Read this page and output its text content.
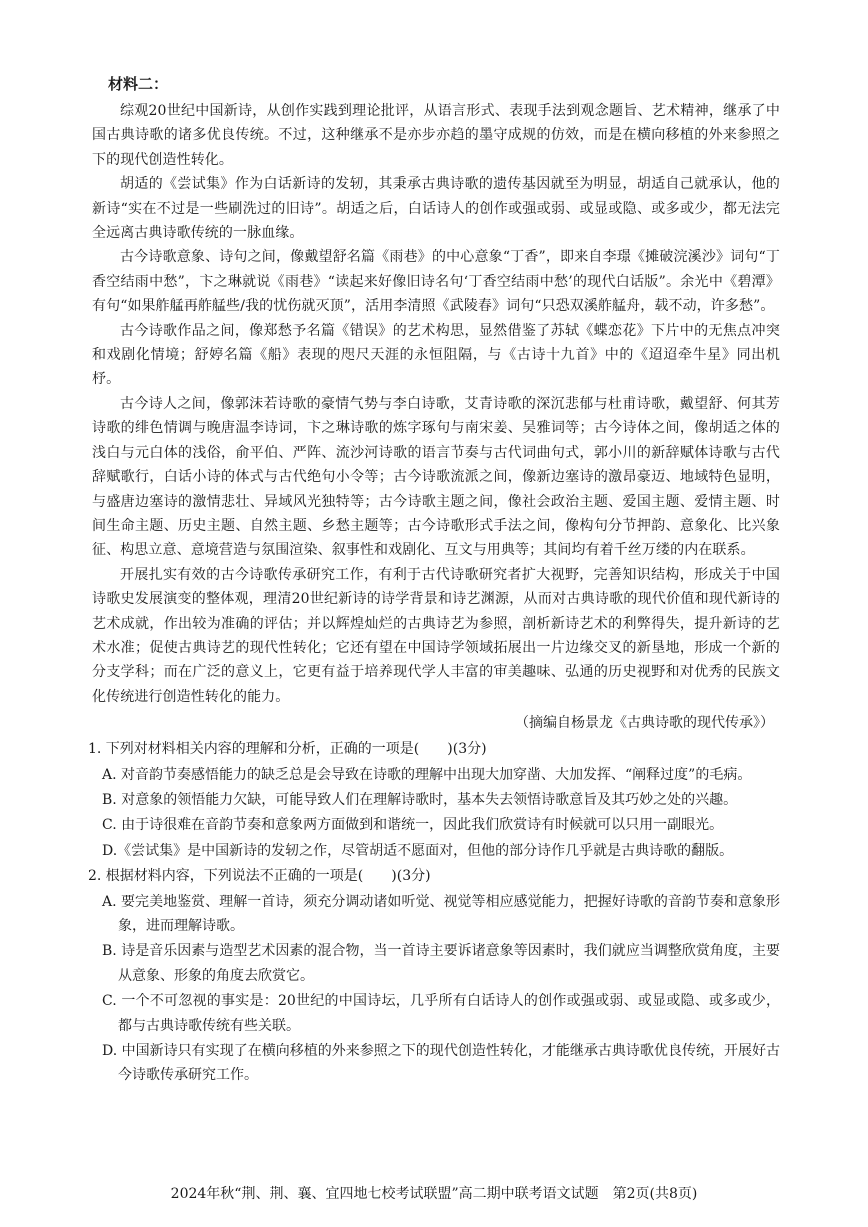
材料二：

综观20世纪中国新诗，从创作实践到理论批评，从语言形式、表现手法到观念题旨、艺术精神，继承了中国古典诗歌的诸多优良传统。不过，这种继承不是亦步亦趋的墨守成规的仿效，而是在横向移植的外来参照之下的现代创造性转化。

胡适的《尝试集》作为白话新诗的发轫，其秉承古典诗歌的遗传基因就至为明显，胡适自己就承认，他的新诗“实在不过是一些刷洗过的旧诗”。胡适之后，白话诗人的创作或强或弱、或显或隐、或多或少，都无法完全远离古典诗歌传统的一脉血缘。

古今诗歌意象、诗句之间，像戴望舒名篇《雨巷》的中心意象“丁香”，即来自李璟《摊破浣溪沙》词句“丁香空结雨中愁”，卞之琳就说《雨巷》“读起来好像旧诗名句‘丁香空结雨中愁’的现代白话版”。余光中《碧潭》有句“如果舴艋再舴艋些/我的忧伤就灭顶”，活用李清照《武陵春》词句“只恐双溪舴艋舟，载不动，许多愁”。

古今诗歌作品之间，像郑愁予名篇《错误》的艺术构思，显然借鉴了苏轼《蝶恋花》下片中的无焦点冲突和戏剧化情境；舒婷名篇《船》表现的咫尺天涯的永恒阻隔，与《古诗十九首》中的《迢迢牵牛星》同出机杼。

古今诗人之间，像郭沫若诗歌的豪情气势与李白诗歌，艾青诗歌的深沉悲郁与杜甫诗歌，戴望舒、何其芳诗歌的绯色情调与晚唐温李诗词，卞之琳诗歌的炼字琢句与南宋姜、吴雅词等；古今诗体之间，像胡适之体的浅白与元白体的浅俗，俞平伯、严阵、流沙河诗歌的语言节奏与古代词曲句式，郭小川的新辞赋体诗歌与古代辞赋歌行，白话小诗的体式与古代绝句小令等；古今诗歌流派之间，像新边塞诗的激昂豪迈、地域特色显明，与盛唐边塞诗的激情悲壮、异域风光独特等；古今诗歌主题之间，像社会政治主题、爱国主题、爱情主题、时间生命主题、历史主题、自然主题、乡愁主题等；古今诗歌形式手法之间，像构句分节押韵、意象化、比兴象征、构思立意、意境营造与氛围渲染、叙事性和戏剧化、互文与用典等；其间均有着千丝万缕的内在联系。

开展扎实有效的古今诗歌传承研究工作，有利于古代诗歌研究者扩大视野，完善知识结构，形成关于中国诗歌史发展演变的整体观，理清20世纪新诗的诗学背景和诗艺渊源，从而对古典诗歌的现代价值和现代新诗的艺术成就，作出较为准确的评估；并以辉煌灿烂的古典诗艺为参照，剖析新诗艺术的利弊得失，提升新诗的艺术水准；促使古典诗艺的现代性转化；它还有望在中国诗学领域拓展出一片边缘交叉的新垦地，形成一个新的分支学科；而在广泛的意义上，它更有益于培养现代学人丰富的审美趣味、弘通的历史视野和对优秀的民族文化传统进行创造性转化的能力。

（摘编自杨景龙《古典诗歌的现代传承》）
1. 下列对材料相关内容的理解和分析，正确的一项是(　　)(3分)
A. 对音韵节奏感悟能力的缺乏总是会导致在诗歌的理解中出现大加穿凿、大加发挥、“阐释过度”的毛病。
B. 对意象的领悟能力欠缺，可能导致人们在理解诗歌时，基本失去领悟诗歌意旨及其巧妙之处的兴趣。
C. 由于诗很难在音韵节奏和意象两方面做到和谐统一，因此我们欣赏诗有时候就可以只用一副眼光。
D.《尝试集》是中国新诗的发轫之作，尽管胡适不愿面对，但他的部分诗作几乎就是古典诗歌的翻版。
2. 根据材料内容，下列说法不正确的一项是(　　)(3分)
A. 要完美地鉴赏、理解一首诗，须充分调动诸如听觉、视觉等相应感觉能力，把握好诗歌的音韵节奏和意象形象，进而理解诗歌。
B. 诗是音乐因素与造型艺术因素的混合物，当一首诗主要诉诸意象等因素时，我们就应当调整欣赏角度，主要从意象、形象的角度去欣赏它。
C. 一个不可忽视的事实是：20世纪的中国诗坛，几乎所有白话诗人的创作或强或弱、或显或隐、或多或少，都与古典诗歌传统有些关联。
D. 中国新诗只有实现了在横向移植的外来参照之下的现代创造性转化，才能继承古典诗歌优良传统，开展好古今诗歌传承研究工作。
2024年秋“荆、荆、襄、宜四地七校考试联盟”高二期中联考语文试题　第2页(共8页)
